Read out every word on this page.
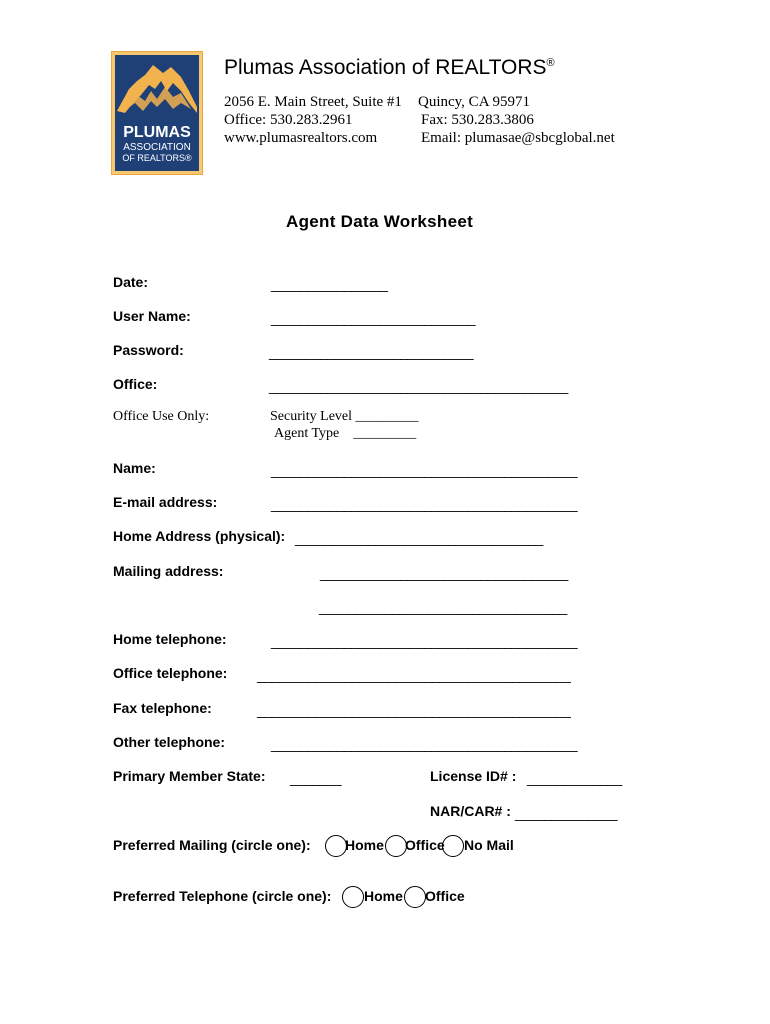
PLUMAS
ASSOCIATION
OF REALTORS®
Plumas Association of REALTORS®
2056 E. Main Street, Suite #1 Quincy, CA 95971
Office: 530.283.2961	Fax: 530.283.3806
www.plumasrealtors.com	Email: plumasae@sbcglobal.net
Agent Data Worksheet
Date:	________________
User Name:	____________________________
Password:	____________________________
Office:	_________________________________________
Office Use Only:	Security Level _________
Agent Type    _________
Name:	__________________________________________
E-mail address:	__________________________________________
Home Address (physical): __________________________________
Mailing address:	__________________________________
__________________________________
Home telephone:	__________________________________________
Office telephone: ___________________________________________
Fax telephone:	___________________________________________
Other telephone:	__________________________________________
Primary Member State: _______	License ID# : _____________
NAR/CAR# : ______________
Preferred Mailing (circle one): Home Office No Mail
Preferred Telephone (circle one): Home Office
